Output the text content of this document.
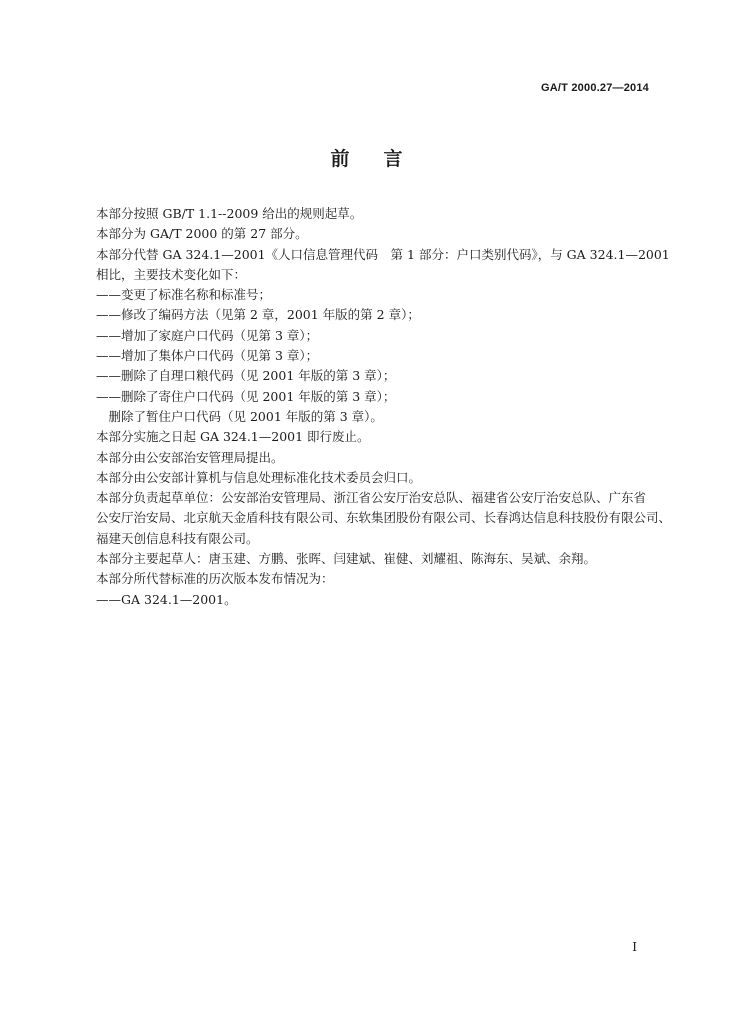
GA/T 2000.27—2014
前言
本部分按照 GB/T 1.1--2009 给出的规则起草。
本部分为 GA/T 2000 的第 27 部分。
本部分代替 GA 324.1—2001《人口信息管理代码　第 1 部分：户口类别代码》，与 GA 324.1—2001
相比，主要技术变化如下：
——变更了标准名称和标准号；
——修改了编码方法（见第 2 章，2001 年版的第 2 章）；
——增加了家庭户口代码（见第 3 章）；
——增加了集体户口代码（见第 3 章）；
——删除了自理口粮代码（见 2001 年版的第 3 章）；
——删除了寄住户口代码（见 2001 年版的第 3 章）；
　删除了暂住户口代码（见 2001 年版的第 3 章）。
本部分实施之日起 GA 324.1—2001 即行废止。
本部分由公安部治安管理局提出。
本部分由公安部计算机与信息处理标准化技术委员会归口。
本部分负责起草单位：公安部治安管理局、浙江省公安厅治安总队、福建省公安厅治安总队、广东省
公安厅治安局、北京航天金盾科技有限公司、东软集团股份有限公司、长春鸿达信息科技股份有限公司、
福建天创信息科技有限公司。
本部分主要起草人：唐玉建、方鹏、张晖、闫建斌、崔健、刘耀祖、陈海东、吴斌、余翔。
本部分所代替标准的历次版本发布情况为：
——GA 324.1—2001。
I
